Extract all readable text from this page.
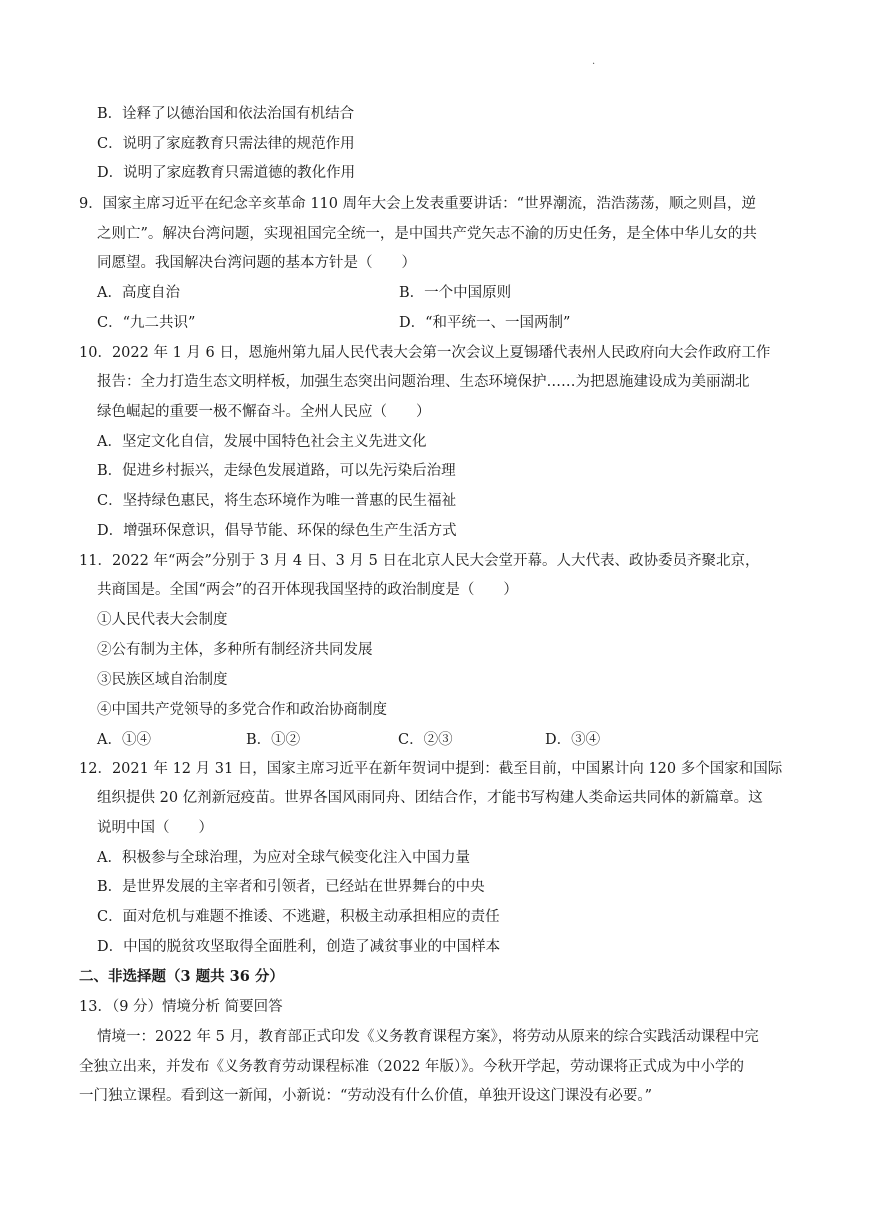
.
B．诠释了以德治国和依法治国有机结合
C．说明了家庭教育只需法律的规范作用
D．说明了家庭教育只需道德的教化作用
9．国家主席习近平在纪念辛亥革命 110 周年大会上发表重要讲话：“世界潮流，浩浩荡荡，顺之则昌，逆
之则亡”。解决台湾问题，实现祖国完全统一，是中国共产党矢志不渝的历史任务，是全体中华儿女的共
同愿望。我国解决台湾问题的基本方针是（　　）
A．高度自治	B．一个中国原则
C．“九二共识”	D．“和平统一、一国两制”
10．2022 年 1 月 6 日，恩施州第九届人民代表大会第一次会议上夏锡璠代表州人民政府向大会作政府工作
报告：全力打造生态文明样板，加强生态突出问题治理、生态环境保护……为把恩施建设成为美丽湖北
绿色崛起的重要一极不懈奋斗。全州人民应（　　）
A．坚定文化自信，发展中国特色社会主义先进文化
B．促进乡村振兴，走绿色发展道路，可以先污染后治理
C．坚持绿色惠民，将生态环境作为唯一普惠的民生福祉
D．增强环保意识，倡导节能、环保的绿色生产生活方式
11．2022 年“两会”分别于 3 月 4 日、3 月 5 日在北京人民大会堂开幕。人大代表、政协委员齐聚北京，
共商国是。全国“两会”的召开体现我国坚持的政治制度是（　　）
①人民代表大会制度
②公有制为主体，多种所有制经济共同发展
③民族区域自治制度
④中国共产党领导的多党合作和政治协商制度
A．①④	B．①②	C．②③	D．③④
12．2021 年 12 月 31 日，国家主席习近平在新年贺词中提到：截至目前，中国累计向 120 多个国家和国际
组织提供 20 亿剂新冠疫苗。世界各国风雨同舟、团结合作，才能书写构建人类命运共同体的新篇章。这
说明中国（　　）
A．积极参与全球治理，为应对全球气候变化注入中国力量
B．是世界发展的主宰者和引领者，已经站在世界舞台的中央
C．面对危机与难题不推诿、不逃避，积极主动承担相应的责任
D．中国的脱贫攻坚取得全面胜利，创造了减贫事业的中国样本
二、非选择题（3 题共 36 分）
13．（9 分）情境分析 简要回答
情境一：2022 年 5 月，教育部正式印发《义务教育课程方案》，将劳动从原来的综合实践活动课程中完
全独立出来，并发布《义务教育劳动课程标准（2022 年版）》。今秋开学起，劳动课将正式成为中小学的
一门独立课程。看到这一新闻，小新说：“劳动没有什么价值，单独开设这门课没有必要。”
